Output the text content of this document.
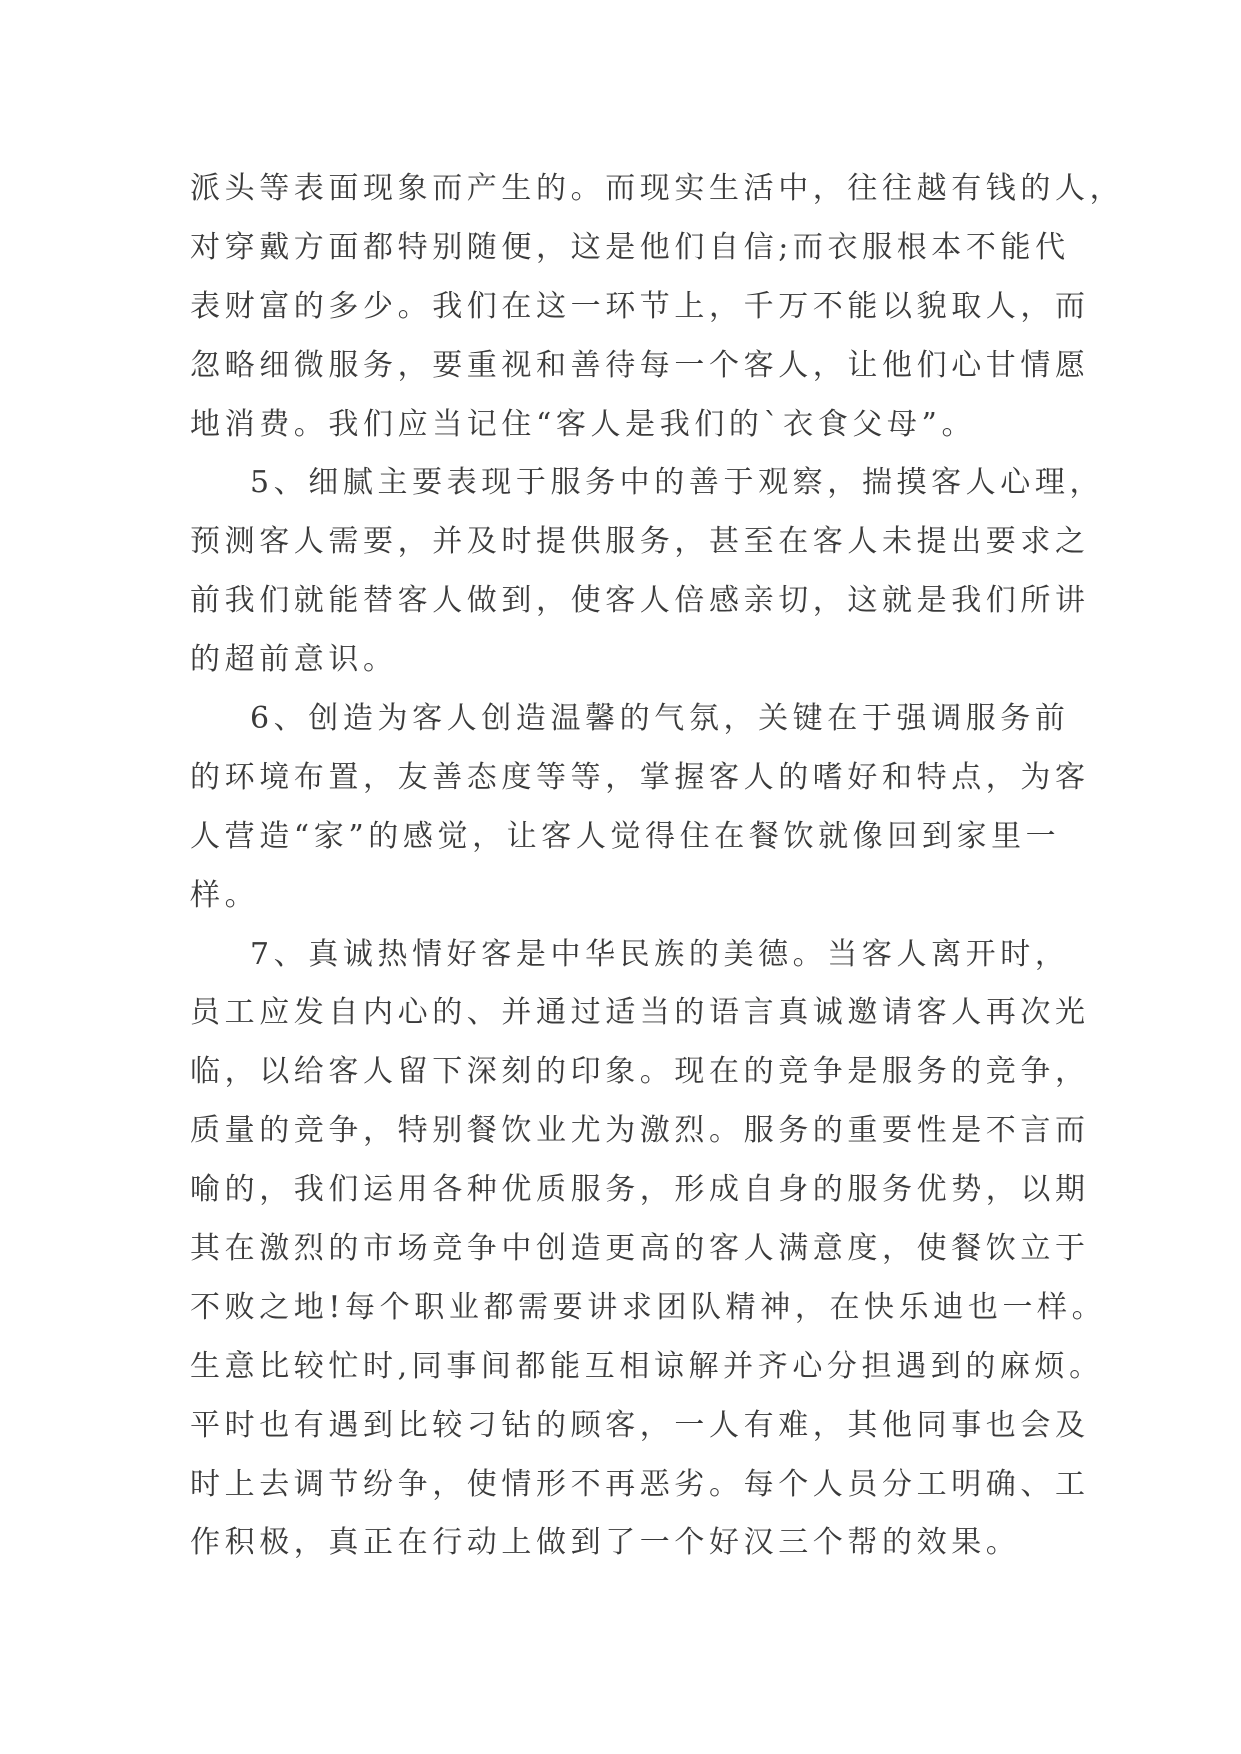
派头等表面现象而产生的。而现实生活中，往往越有钱的人，
对穿戴方面都特别随便，这是他们自信;而衣服根本不能代
表财富的多少。我们在这一环节上，千万不能以貌取人，而
忽略细微服务，要重视和善待每一个客人，让他们心甘情愿
地消费。我们应当记住“客人是我们的`衣食父母”。
5、细腻主要表现于服务中的善于观察，揣摸客人心理，
预测客人需要，并及时提供服务，甚至在客人未提出要求之
前我们就能替客人做到，使客人倍感亲切，这就是我们所讲
的超前意识。
6、创造为客人创造温馨的气氛，关键在于强调服务前
的环境布置，友善态度等等，掌握客人的嗜好和特点，为客
人营造“家”的感觉，让客人觉得住在餐饮就像回到家里一
样。
7、真诚热情好客是中华民族的美德。当客人离开时，
员工应发自内心的、并通过适当的语言真诚邀请客人再次光
临，以给客人留下深刻的印象。现在的竞争是服务的竞争，
质量的竞争，特别餐饮业尤为激烈。服务的重要性是不言而
喻的，我们运用各种优质服务，形成自身的服务优势，以期
其在激烈的市场竞争中创造更高的客人满意度，使餐饮立于
不败之地!每个职业都需要讲求团队精神，在快乐迪也一样。
生意比较忙时,同事间都能互相谅解并齐心分担遇到的麻烦。
平时也有遇到比较刁钻的顾客，一人有难，其他同事也会及
时上去调节纷争，使情形不再恶劣。每个人员分工明确、工
作积极，真正在行动上做到了一个好汉三个帮的效果。
